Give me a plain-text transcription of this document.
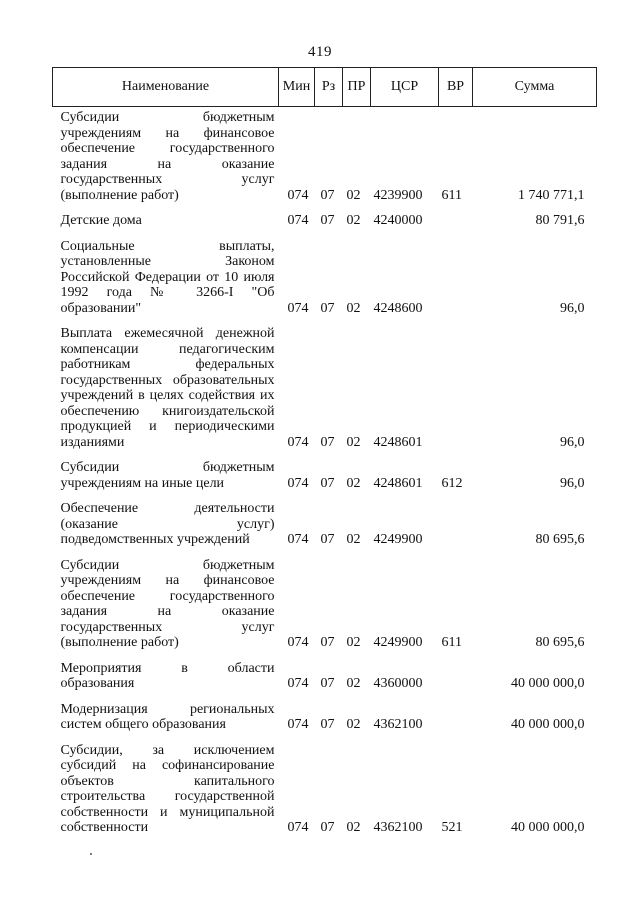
419
Наименование	Мин	Рз	ПР	ЦСР	ВР	Сумма

Субсидии бюджетным учреждениям на финансовое обеспечение государственного задания на оказание государственных услуг (выполнение работ)	074	07	02	4239900	611	1 740 771,1

Детские дома	074	07	02	4240000		80 791,6

Социальные выплаты, установленные Законом Российской Федерации от 10 июля 1992 года № 3266-I "Об образовании"	074	07	02	4248600		96,0

Выплата ежемесячной денежной компенсации педагогическим работникам федеральных государственных образовательных учреждений в целях содействия их обеспечению книгоиздательской продукцией и периодическими изданиями	074	07	02	4248601		96,0

Субсидии бюджетным учреждениям на иные цели	074	07	02	4248601	612	96,0

Обеспечение деятельности (оказание услуг) подведомственных учреждений	074	07	02	4249900		80 695,6

Субсидии бюджетным учреждениям на финансовое обеспечение государственного задания на оказание государственных услуг (выполнение работ)	074	07	02	4249900	611	80 695,6

Мероприятия в области образования	074	07	02	4360000		40 000 000,0

Модернизация региональных систем общего образования	074	07	02	4362100		40 000 000,0

Субсидии, за исключением субсидий на софинансирование объектов капитального строительства государственной собственности и муниципальной собственности	074	07	02	4362100	521	40 000 000,0
